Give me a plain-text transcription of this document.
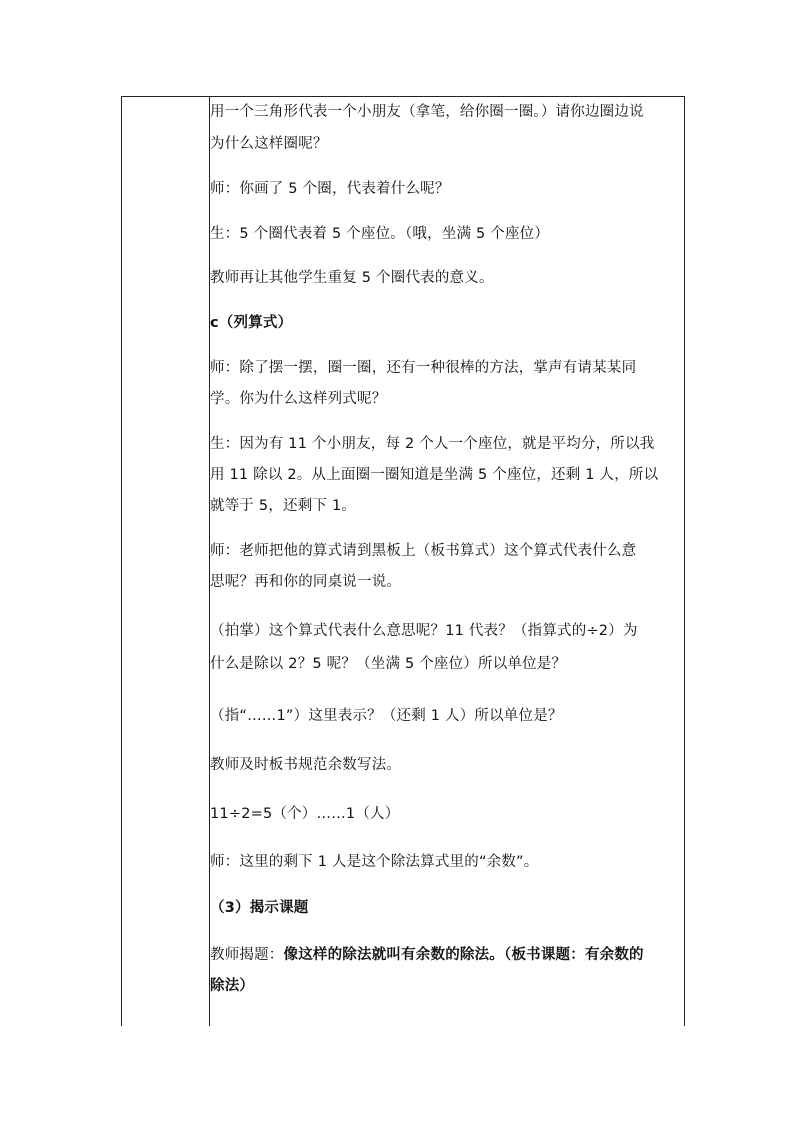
用一个三角形代表一个小朋友（拿笔，给你圈一圈。）请你边圈边说
为什么这样圈呢？
师：你画了 5 个圈，代表着什么呢？
生：5 个圈代表着 5 个座位。（哦，坐满 5 个座位）
教师再让其他学生重复 5 个圈代表的意义。
c（列算式）
师：除了摆一摆，圈一圈，还有一种很棒的方法，掌声有请某某同
学。你为什么这样列式呢？
生：因为有 11 个小朋友，每 2 个人一个座位，就是平均分，所以我
用 11 除以 2。从上面圈一圈知道是坐满 5 个座位，还剩 1 人，所以
就等于 5，还剩下 1。
师：老师把他的算式请到黑板上（板书算式）这个算式代表什么意
思呢？再和你的同桌说一说。
（拍掌）这个算式代表什么意思呢？11 代表？（指算式的÷2）为
什么是除以 2？5 呢？（坐满 5 个座位）所以单位是？
（指“……1”）这里表示？（还剩 1 人）所以单位是？
教师及时板书规范余数写法。
11÷2=5（个）……1（人）
师：这里的剩下 1 人是这个除法算式里的“余数”。
（3）揭示课题
教师揭题：像这样的除法就叫有余数的除法。（板书课题：有余数的
除法）
